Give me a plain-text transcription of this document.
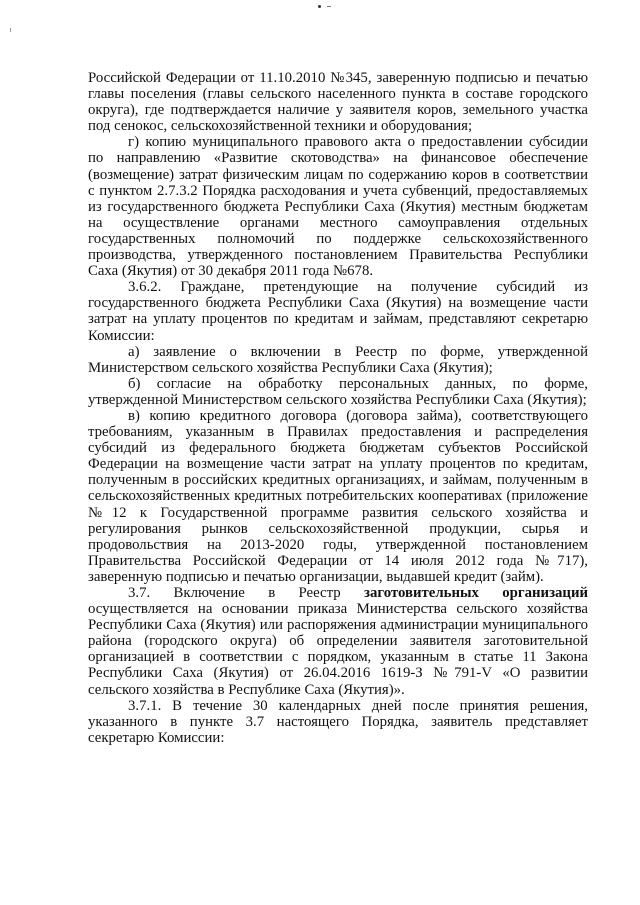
Российской Федерации от 11.10.2010 №345, заверенную подписью и печатью главы поселения (главы сельского населенного пункта в составе городского округа), где подтверждается наличие у заявителя коров, земельного участка под сенокос, сельскохозяйственной техники и оборудования;

г) копию муниципального правового акта о предоставлении субсидии по направлению «Развитие скотоводства» на финансовое обеспечение (возмещение) затрат физическим лицам по содержанию коров в соответствии с пунктом 2.7.3.2 Порядка расходования и учета субвенций, предоставляемых из государственного бюджета Республики Саха (Якутия) местным бюджетам на осуществление органами местного самоуправления отдельных государственных полномочий по поддержке сельскохозяйственного производства, утвержденного постановлением Правительства Республики Саха (Якутия) от 30 декабря 2011 года №678.

3.6.2. Граждане, претендующие на получение субсидий из государственного бюджета Республики Саха (Якутия) на возмещение части затрат на уплату процентов по кредитам и займам, представляют секретарю Комиссии:

а) заявление о включении в Реестр по форме, утвержденной Министерством сельского хозяйства Республики Саха (Якутия);

б) согласие на обработку персональных данных, по форме, утвержденной Министерством сельского хозяйства Республики Саха (Якутия);

в) копию кредитного договора (договора займа), соответствующего требованиям, указанным в Правилах предоставления и распределения субсидий из федерального бюджета бюджетам субъектов Российской Федерации на возмещение части затрат на уплату процентов по кредитам, полученным в российских кредитных организациях, и займам, полученным в сельскохозяйственных кредитных потребительских кооперативах (приложение №12 к Государственной программе развития сельского хозяйства и регулирования рынков сельскохозяйственной продукции, сырья и продовольствия на 2013-2020 годы, утвержденной постановлением Правительства Российской Федерации от 14 июля 2012 года №717), заверенную подписью и печатью организации, выдавшей кредит (займ).

3.7. Включение в Реестр заготовительных организаций осуществляется на основании приказа Министерства сельского хозяйства Республики Саха (Якутия) или распоряжения администрации муниципального района (городского округа) об определении заявителя заготовительной организацией в соответствии с порядком, указанным в статье 11 Закона Республики Саха (Якутия) от 26.04.2016 1619-З №791-V «О развитии сельского хозяйства в Республике Саха (Якутия)».

3.7.1. В течение 30 календарных дней после принятия решения, указанного в пункте 3.7 настоящего Порядка, заявитель представляет секретарю Комиссии:
